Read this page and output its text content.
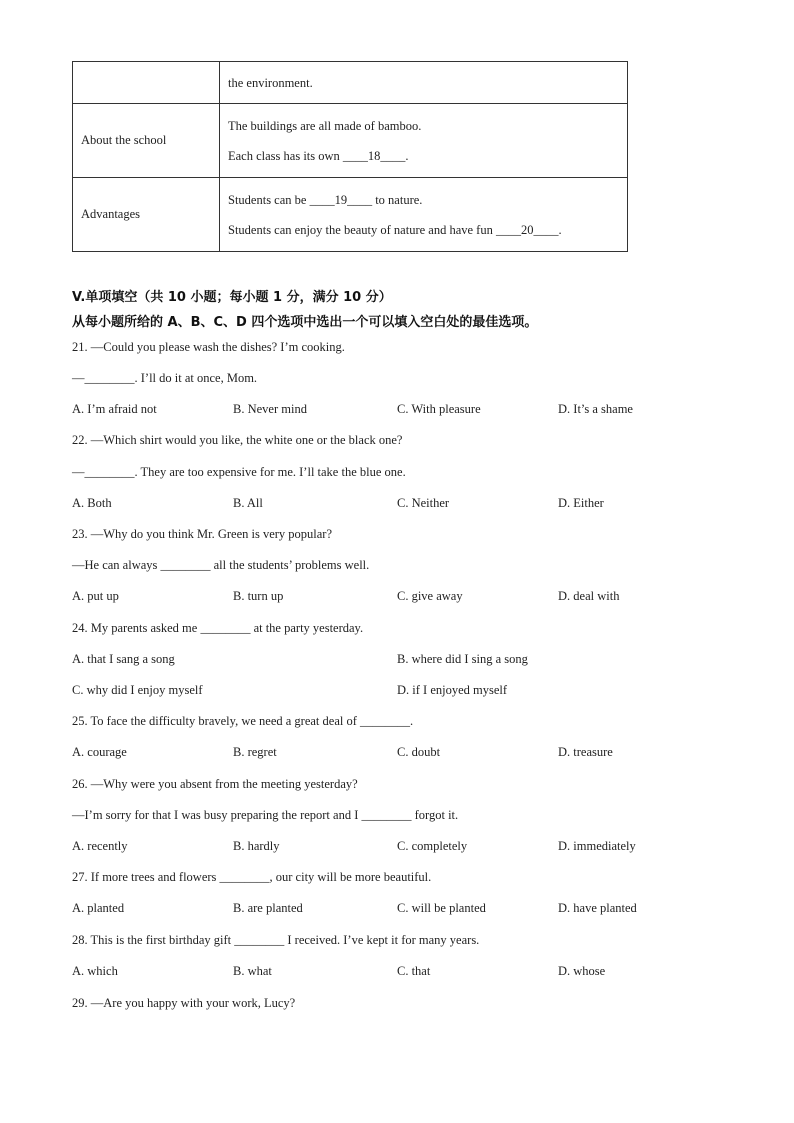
	the environment.

About the school	The buildings are all made of bamboo.
Each class has its own ____18____.

Advantages	Students can be ____19____ to nature.
Students can enjoy the beauty of nature and have fun ____20____.
V.单项填空（共 10 小题；每小题 1 分，满分 10 分）
从每小题所给的 A、B、C、D 四个选项中选出一个可以填入空白处的最佳选项。
21. —Could you please wash the dishes? I’m cooking.
—________. I’ll do it at once, Mom.
A. I’m afraid not	B. Never mind	C. With pleasure	D. It’s a shame
22. —Which shirt would you like, the white one or the black one?
—________. They are too expensive for me. I’ll take the blue one.
A. Both	B. All	C. Neither	D. Either
23. —Why do you think Mr. Green is very popular?
—He can always ________ all the students’ problems well.
A. put up	B. turn up	C. give away	D. deal with
24. My parents asked me ________ at the party yesterday.
A. that I sang a song	B. where did I sing a song
C. why did I enjoy myself	D. if I enjoyed myself
25. To face the difficulty bravely, we need a great deal of ________.
A. courage	B. regret	C. doubt	D. treasure
26. —Why were you absent from the meeting yesterday?
—I’m sorry for that I was busy preparing the report and I ________ forgot it.
A. recently	B. hardly	C. completely	D. immediately
27. If more trees and flowers ________, our city will be more beautiful.
A. planted	B. are planted	C. will be planted	D. have planted
28. This is the first birthday gift ________ I received. I’ve kept it for many years.
A. which	B. what	C. that	D. whose
29. —Are you happy with your work, Lucy?
